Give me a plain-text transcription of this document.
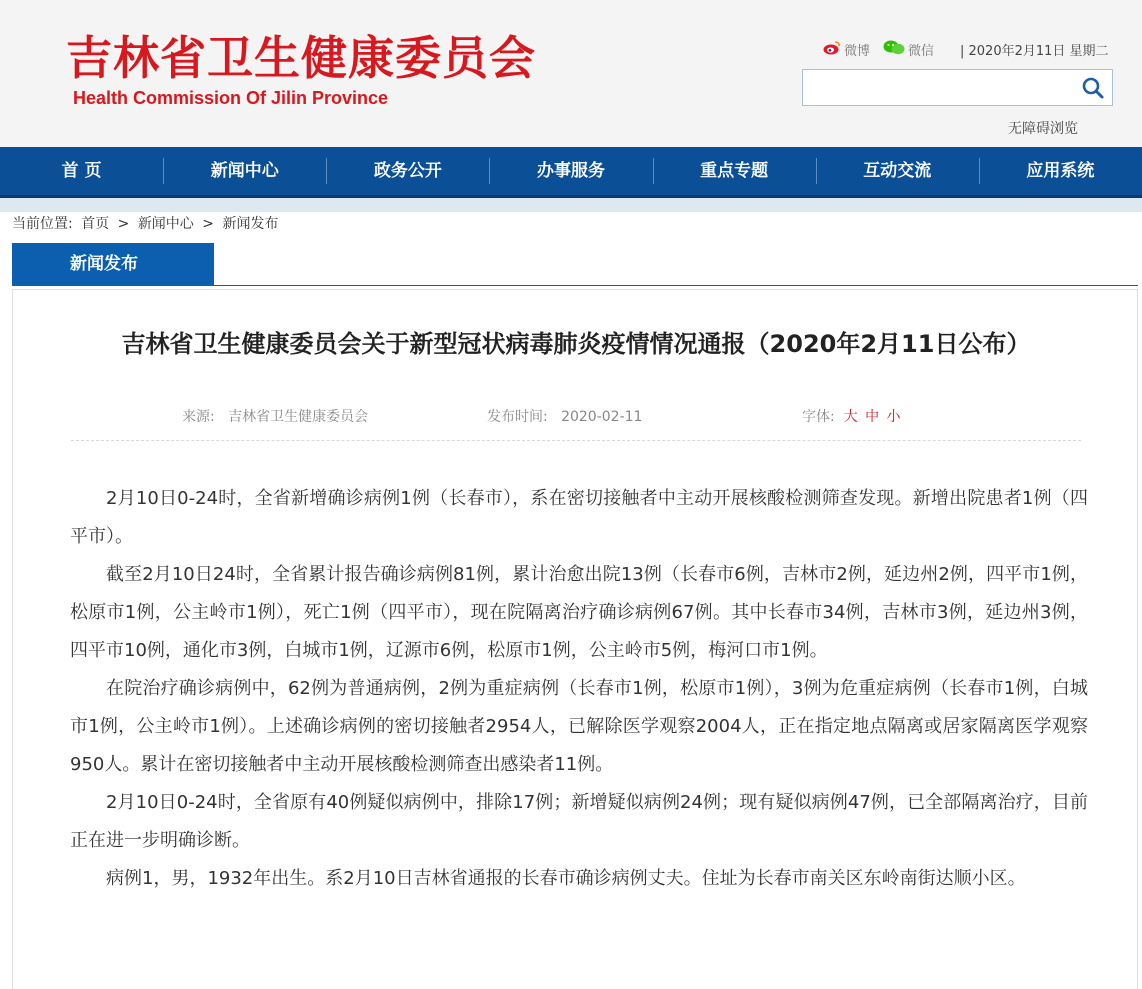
吉林省卫生健康委员会
Health Commission Of Jilin Province
微博	微信 | 2020年2月11日 星期二
无障碍浏览
首 页	新闻中心	政务公开	办事服务	重点专题	互动交流	应用系统
当前位置: 首页 > 新闻中心 > 新闻发布
新闻发布
吉林省卫生健康委员会关于新型冠状病毒肺炎疫情情况通报（2020年2月11日公布）
来源: 吉林省卫生健康委员会	发布时间: 2020-02-11	字体: 大 中 小

2月10日0-24时，全省新增确诊病例1例（长春市），系在密切接触者中主动开展核酸检测筛查发现。新增出院患者1例（四平市）。

截至2月10日24时，全省累计报告确诊病例81例，累计治愈出院13例（长春市6例，吉林市2例，延边州2例，四平市1例，松原市1例，公主岭市1例），死亡1例（四平市），现在院隔离治疗确诊病例67例。其中长春市34例，吉林市3例，延边州3例，四平市10例，通化市3例，白城市1例，辽源市6例，松原市1例，公主岭市5例，梅河口市1例。

在院治疗确诊病例中，62例为普通病例，2例为重症病例（长春市1例，松原市1例），3例为危重症病例（长春市1例，白城市1例，公主岭市1例）。上述确诊病例的密切接触者2954人，已解除医学观察2004人，正在指定地点隔离或居家隔离医学观察950人。累计在密切接触者中主动开展核酸检测筛查出感染者11例。

2月10日0-24时，全省原有40例疑似病例中，排除17例；新增疑似病例24例；现有疑似病例47例，已全部隔离治疗，目前正在进一步明确诊断。

病例1，男，1932年出生。系2月10日吉林省通报的长春市确诊病例丈夫。住址为长春市南关区东岭南街达顺小区。
